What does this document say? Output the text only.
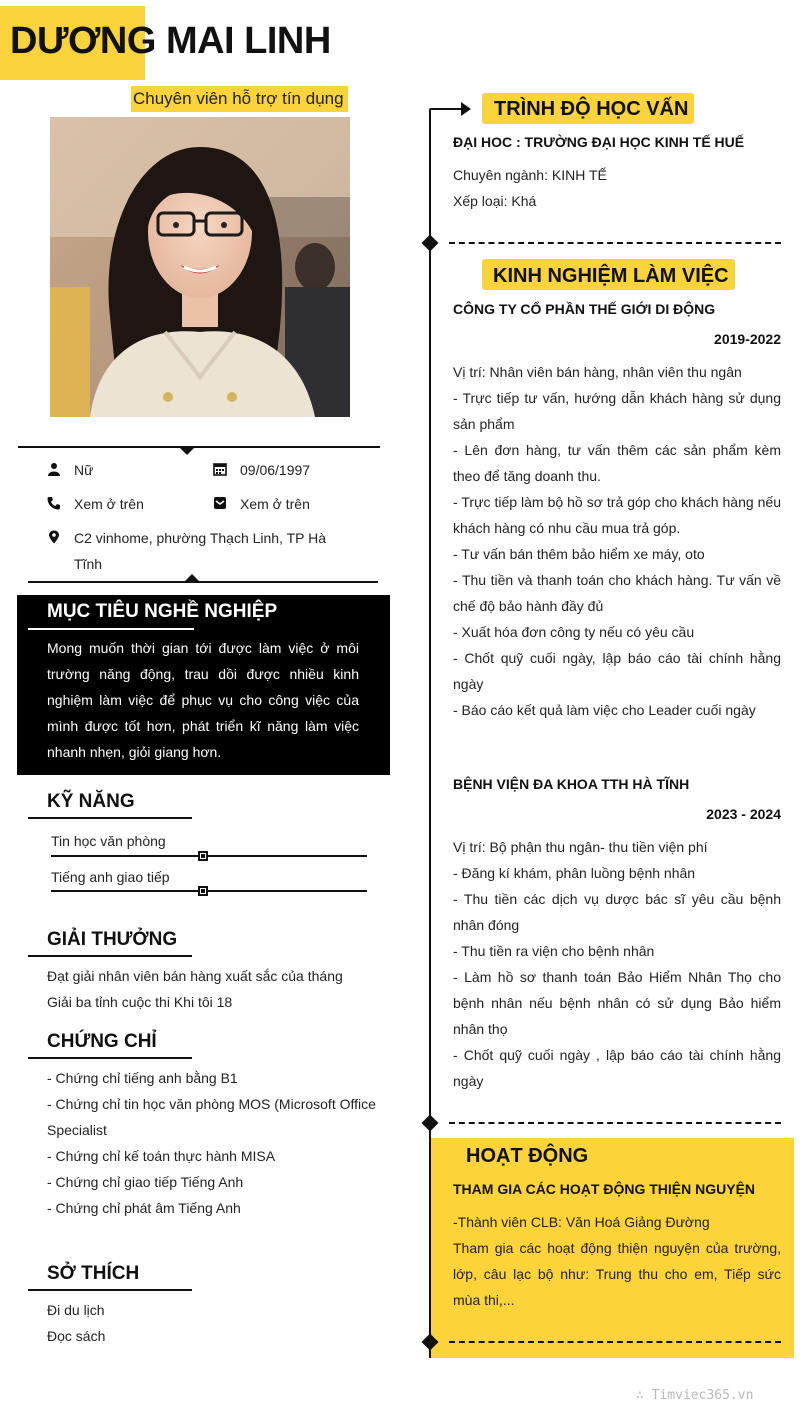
DƯƠNG MAI LINH
Chuyên viên hỗ trợ tín dụng
Nữ	09/06/1997
Xem ở trên	Xem ở trên
C2 vinhome, phường Thạch Linh, TP Hà Tĩnh
MỤC TIÊU NGHỀ NGHIỆP
Mong muốn thời gian tới được làm việc ở môi trường năng động, trau dồi được nhiều kinh nghiệm làm việc để phục vụ cho công việc của mình được tốt hơn, phát triển kĩ năng làm việc nhanh nhẹn, giỏi giang hơn.
KỸ NĂNG
Tin học văn phòng
Tiếng anh giao tiếp
GIẢI THƯỞNG
Đạt giải nhân viên bán hàng xuất sắc của tháng
Giải ba tỉnh cuộc thi Khi tôi 18
CHỨNG CHỈ
- Chứng chỉ tiếng anh bằng B1
- Chứng chỉ tin học văn phòng MOS (Microsoft Office Specialist
- Chứng chỉ kế toán thực hành MISA
- Chứng chỉ giao tiếp Tiếng Anh
- Chứng chỉ phát âm Tiếng Anh
SỞ THÍCH
Đi du lịch
Đọc sách
TRÌNH ĐỘ HỌC VẤN
ĐẠI HOC : TRƯỜNG ĐẠI HỌC KINH TẾ HUẾ
Chuyên ngành: KINH TẾ
Xếp loại: Khá
KINH NGHIỆM LÀM VIỆC
CÔNG TY CỔ PHẦN THẾ GIỚI DI ĐỘNG
2019-2022
Vị trí: Nhân viên bán hàng, nhân viên thu ngân
- Trực tiếp tư vấn, hướng dẫn khách hàng sử dụng sản phẩm
- Lên đơn hàng, tư vấn thêm các sản phẩm kèm theo để tăng doanh thu.
- Trực tiếp làm bộ hồ sơ trả góp cho khách hàng nếu khách hàng có nhu cầu mua trả góp.
- Tư vấn bán thêm bảo hiểm xe máy, oto
- Thu tiền và thanh toán cho khách hàng. Tư vấn về chế độ bảo hành đầy đủ
- Xuất hóa đơn công ty nếu có yêu cầu
- Chốt quỹ cuối ngày, lập báo cáo tài chính hằng ngày
- Báo cáo kết quả làm việc cho Leader cuối ngày
BỆNH VIỆN ĐA KHOA TTH HÀ TĨNH
2023 - 2024
Vị trí: Bộ phận thu ngân- thu tiền viện phí
- Đăng kí khám, phân luồng bệnh nhân
- Thu tiền các dịch vụ dược bác sĩ yêu cầu bệnh nhân đóng
- Thu tiền ra viện cho bệnh nhân
- Làm hồ sơ thanh toán Bảo Hiểm Nhân Thọ cho bệnh nhân nếu bệnh nhân có sử dụng Bảo hiểm nhân thọ
- Chốt quỹ cuối ngày , lập báo cáo tài chính hằng ngày
HOẠT ĐỘNG
THAM GIA CÁC HOẠT ĐỘNG THIỆN NGUYỆN
-Thành viên CLB: Văn Hoá Giảng Đường
Tham gia các hoạt động thiện nguyện của trường, lớp, câu lạc bộ như: Trung thu cho em, Tiếp sức mùa thi,...
∴ Timviec365.vn
